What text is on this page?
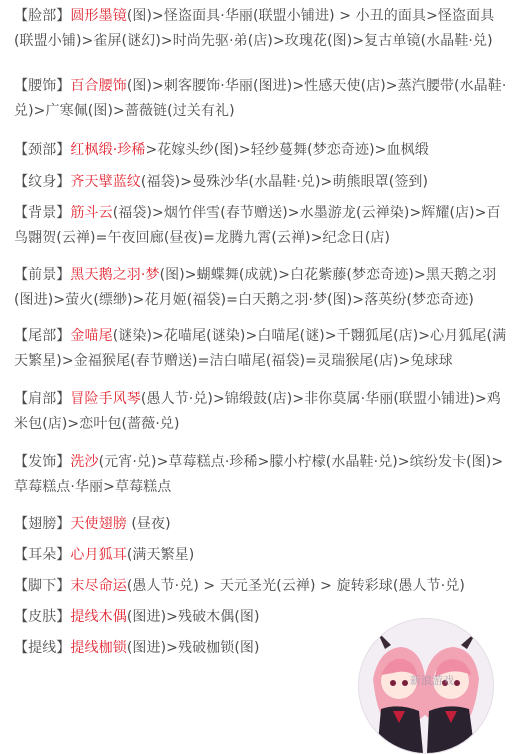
【脸部】圆形墨镜(图)>怪盗面具·华丽(联盟小铺进) > 小丑的面具>怪盗面具(联盟小铺)>雀屏(谜幻)>时尚先驱·弟(店)>玫瑰花(图)>复古单镜(水晶鞋·兑)
【腰饰】百合腰饰(图)>刺客腰饰·华丽(图进)>性感天使(店)>蒸汽腰带(水晶鞋·兑)>广寒佩(图)>蔷薇链(过关有礼)
【颈部】红枫缎·珍稀>花嫁头纱(图)>轻纱蔓舞(梦恋奇迹)>血枫缎
【纹身】齐天擘蓝纹(福袋)>曼殊沙华(水晶鞋·兑)>萌熊眼罩(签到)
【背景】筋斗云(福袋)>烟竹伴雪(春节赠送)>水墨游龙(云禅染)>辉耀(店)>百鸟翾贺(云禅)=午夜回廊(昼夜)=龙腾九霄(云禅)>纪念日(店)
【前景】黑天鹅之羽·梦(图)>蝴蝶舞(成就)>白花紫藤(梦恋奇迹)>黑天鹅之羽(图进)>萤火(缥缈)>花月姬(福袋)=白天鹅之羽·梦(图)>落英纷(梦恋奇迹)
【尾部】金喵尾(谜染)>花喵尾(谜染)>白喵尾(谜)>千翾狐尾(店)>心月狐尾(满天繁星)>金福猴尾(春节赠送)=洁白喵尾(福袋)=灵瑞猴尾(店)>兔球球
【肩部】冒险手风琴(愚人节·兑)>锦缎鼓(店)>非你莫属·华丽(联盟小铺进)>鸡米包(店)>恋叶包(蔷薇·兑)
【发饰】洗沙(元宵·兑)>草莓糕点·珍稀>朦小柠檬(水晶鞋·兑)>缤纷发卡(图)>草莓糕点·华丽>草莓糕点
【翅膀】天使翅膀 (昼夜)
【耳朵】心月狐耳(满天繁星)
【脚下】末尽命运(愚人节·兑) > 天元圣光(云禅) > 旋转彩球(愚人节·兑)
【皮肤】提线木偶(图进)>残破木偶(图)
【提线】提线枷锁(图进)>残破枷锁(图)
新浪游戏
